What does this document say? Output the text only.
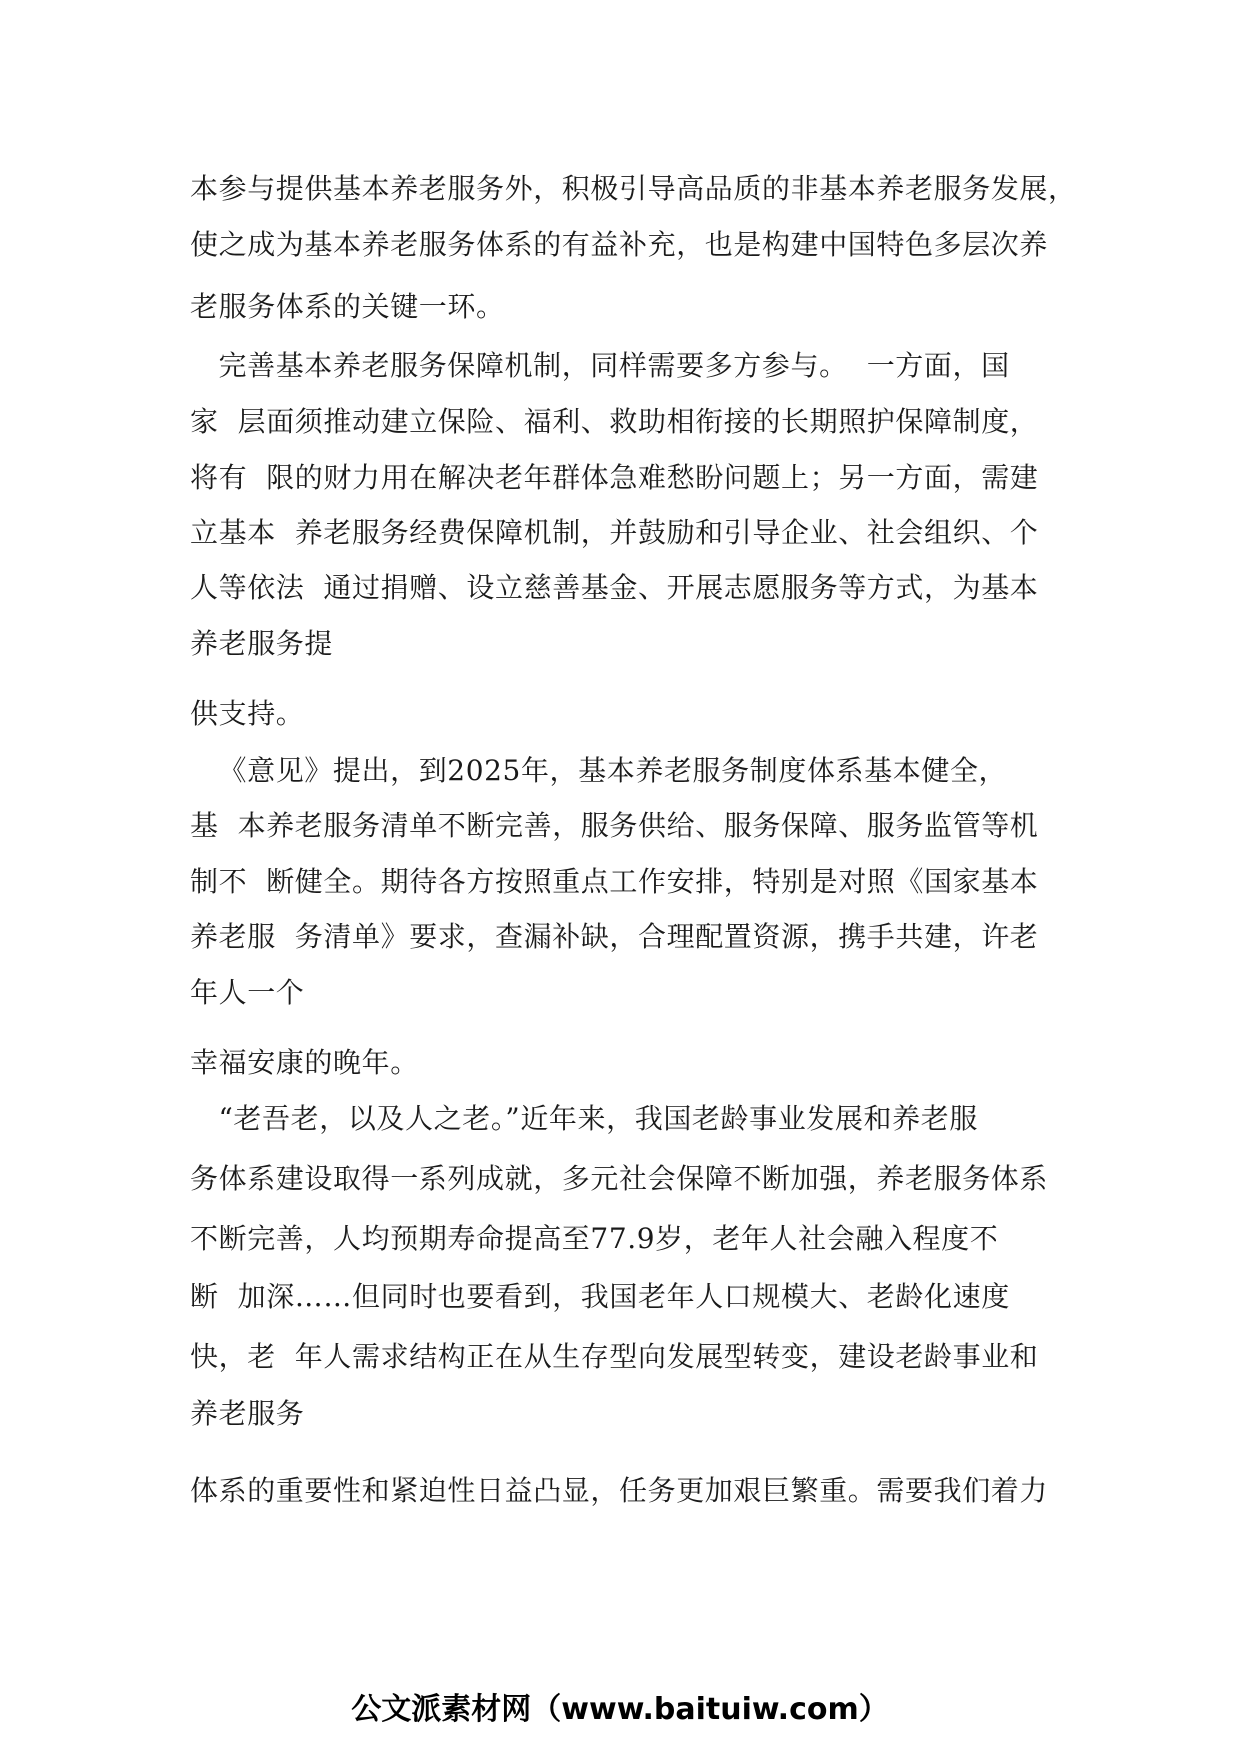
本参与提供基本养老服务外，积极引导高品质的非基本养老服务发展，
使之成为基本养老服务体系的有益补充，也是构建中国特色多层次养
老服务体系的关键一环。
完善基本养老服务保障机制，同样需要多方参与。  一方面，国
家  层面须推动建立保险、福利、救助相衔接的长期照护保障制度，
将有  限的财力用在解决老年群体急难愁盼问题上；另一方面，需建
立基本  养老服务经费保障机制，并鼓励和引导企业、社会组织、个
人等依法  通过捐赠、设立慈善基金、开展志愿服务等方式，为基本
养老服务提
供支持。
《意见》提出，到2025年，基本养老服务制度体系基本健全，
基  本养老服务清单不断完善，服务供给、服务保障、服务监管等机
制不  断健全。期待各方按照重点工作安排，特别是对照《国家基本
养老服  务清单》要求，查漏补缺，合理配置资源，携手共建，许老
年人一个
幸福安康的晚年。
“老吾老，以及人之老。”近年来，我国老龄事业发展和养老服
务体系建设取得一系列成就，多元社会保障不断加强，养老服务体系
不断完善，人均预期寿命提高至77.9岁，老年人社会融入程度不
断  加深……但同时也要看到，我国老年人口规模大、老龄化速度
快，老  年人需求结构正在从生存型向发展型转变，建设老龄事业和
养老服务
体系的重要性和紧迫性日益凸显，任务更加艰巨繁重。需要我们着力
公文派素材网（www.baituiw.com）
